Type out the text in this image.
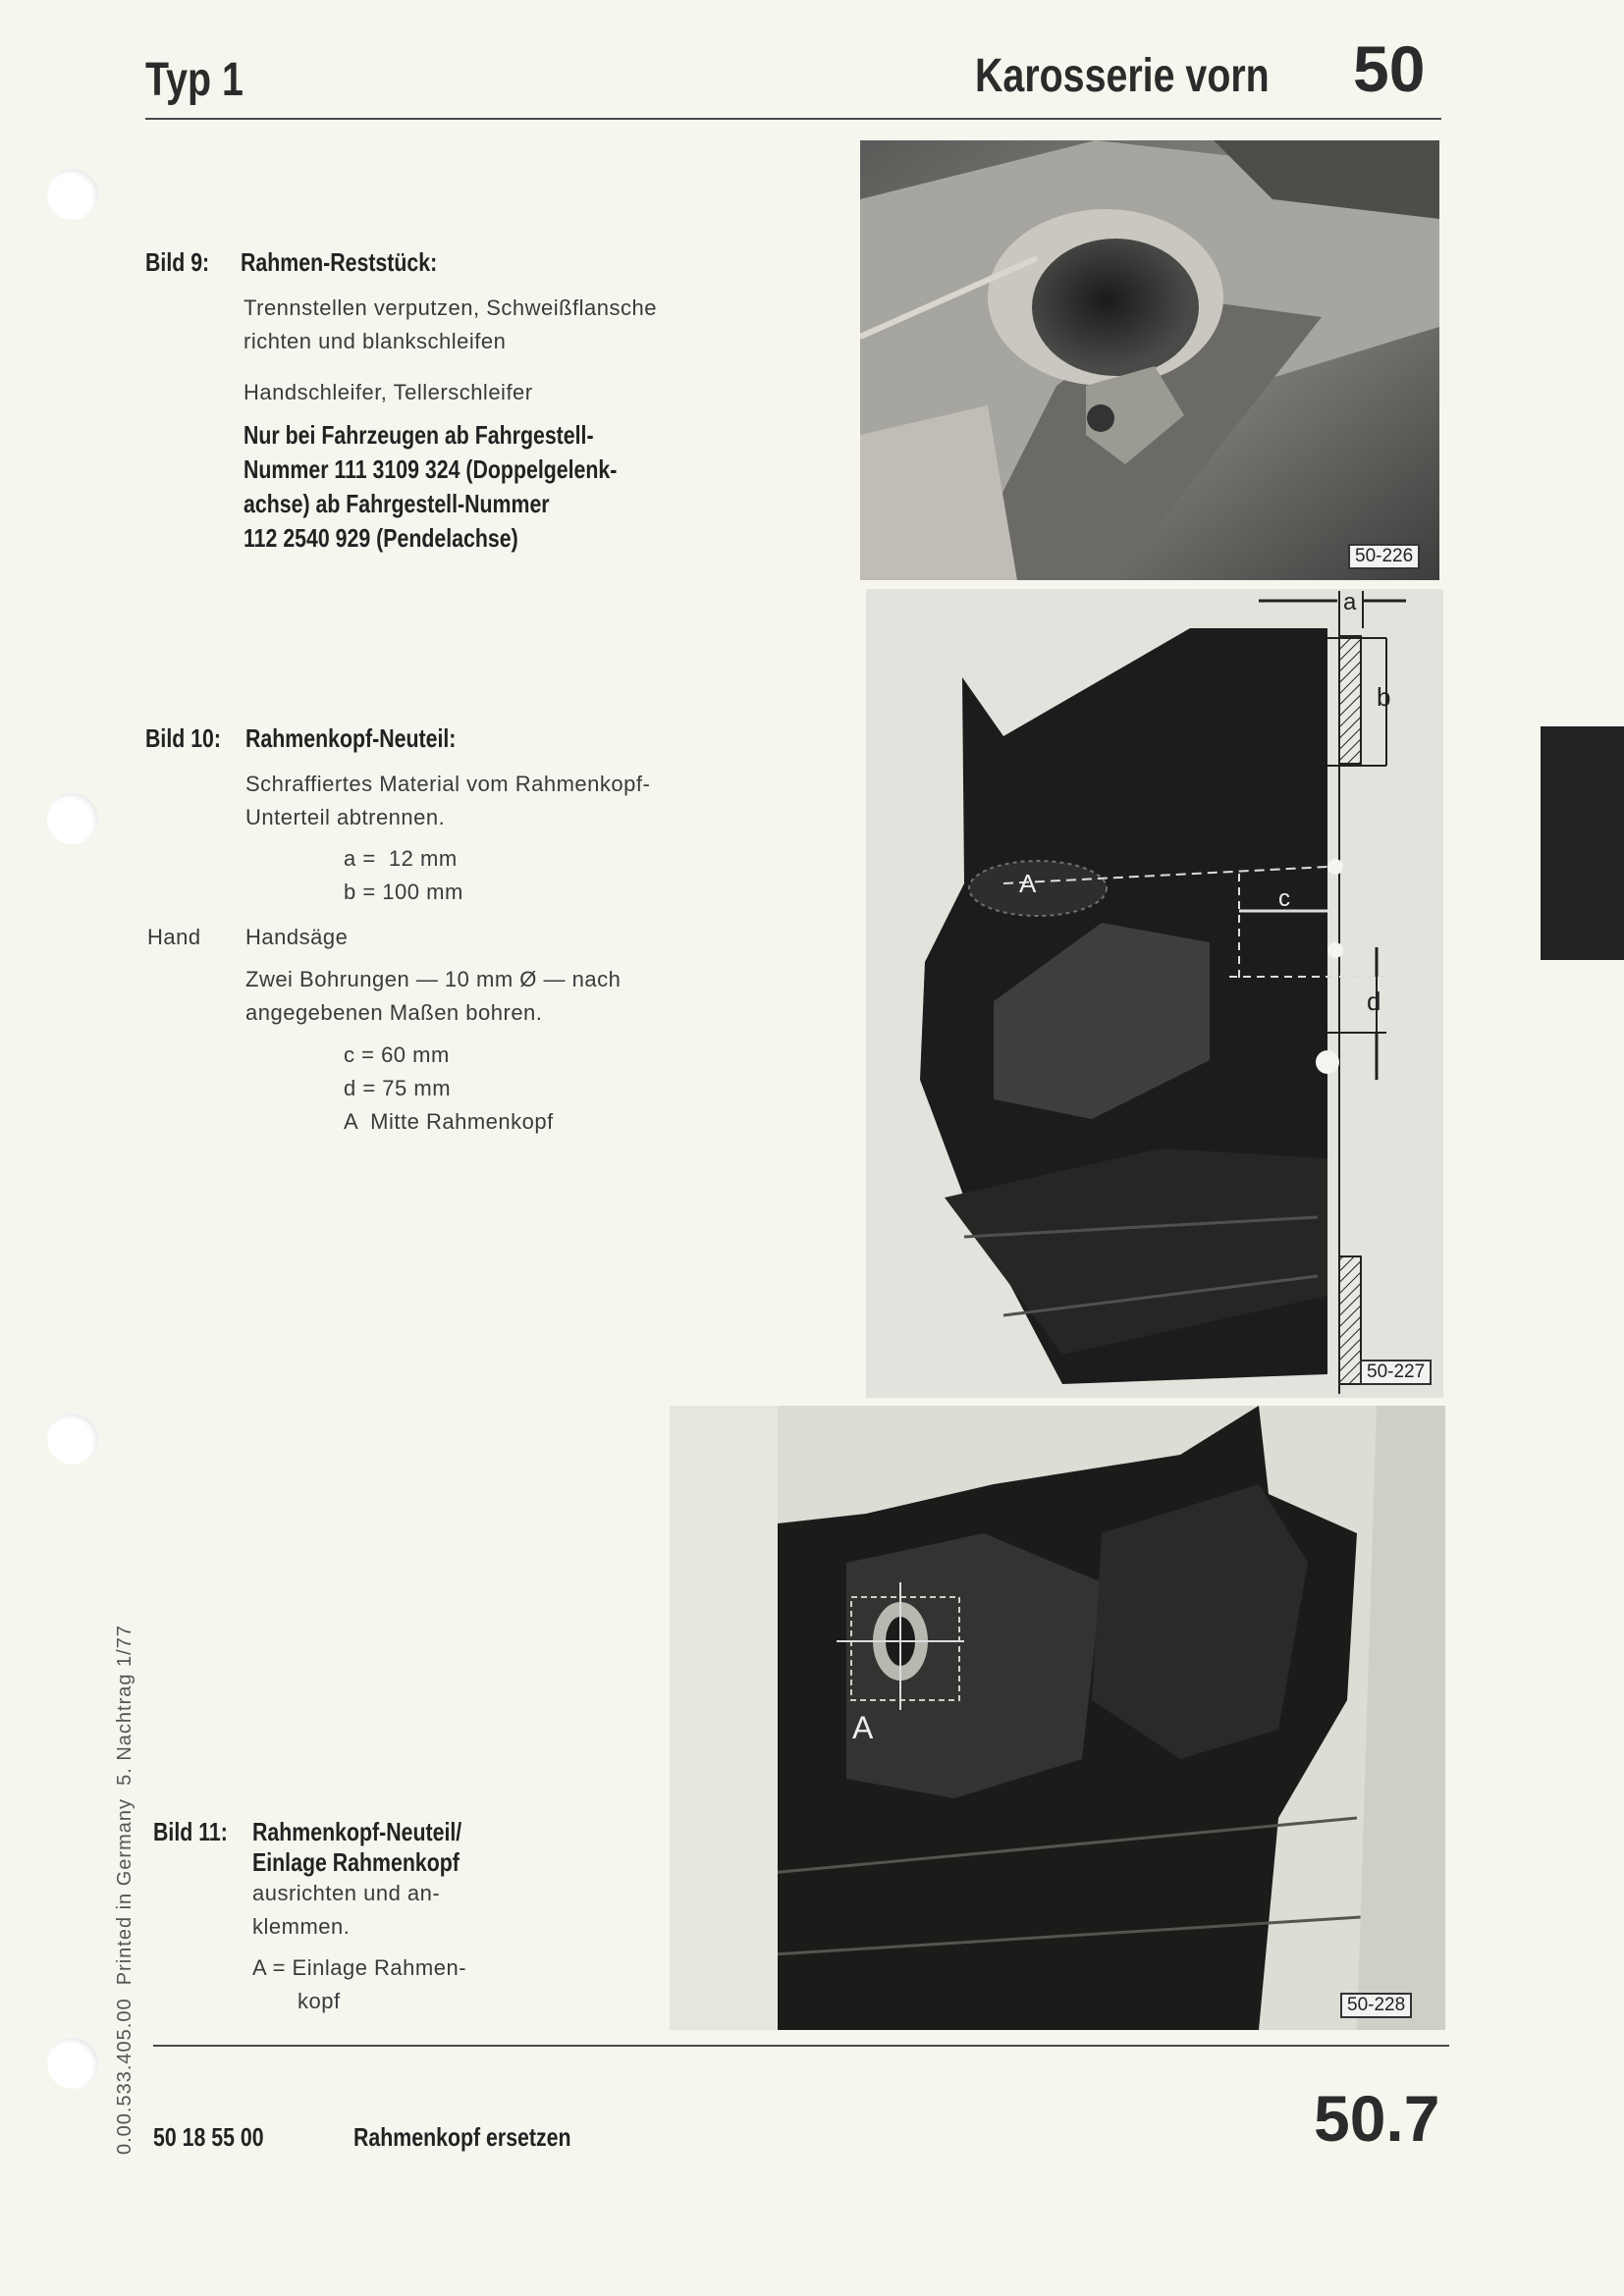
Typ 1	Karosserie vorn	50
Bild 9:	Rahmen-Reststück:
Trennstellen verputzen, Schweißflansche
richten und blankschleifen
Handschleifer, Tellerschleifer
Nur bei Fahrzeugen ab Fahrgestell-
Nummer 111 3109 324 (Doppelgelenk-
achse) ab Fahrgestell-Nummer
112 2540 929 (Pendelachse)
Bild 10: Rahmenkopf-Neuteil:
Schraffiertes Material vom Rahmenkopf-
Unterteil abtrennen.
a =  12 mm
b = 100 mm
Hand Handsäge
Zwei Bohrungen — 10 mm Ø — nach
angegebenen Maßen bohren.
c = 60 mm
d = 75 mm
A  Mitte Rahmenkopf
Bild 11: Rahmenkopf-Neuteil/
Einlage Rahmenkopf
ausrichten und an-
klemmen.
A = Einlage Rahmen-
kopf
0.00.533.405.00  Printed in Germany  5. Nachtrag 1/77
50-226
a
b
c
d
A
50-227
A
50-228
50 18 55 00	Rahmenkopf ersetzen	50.7
